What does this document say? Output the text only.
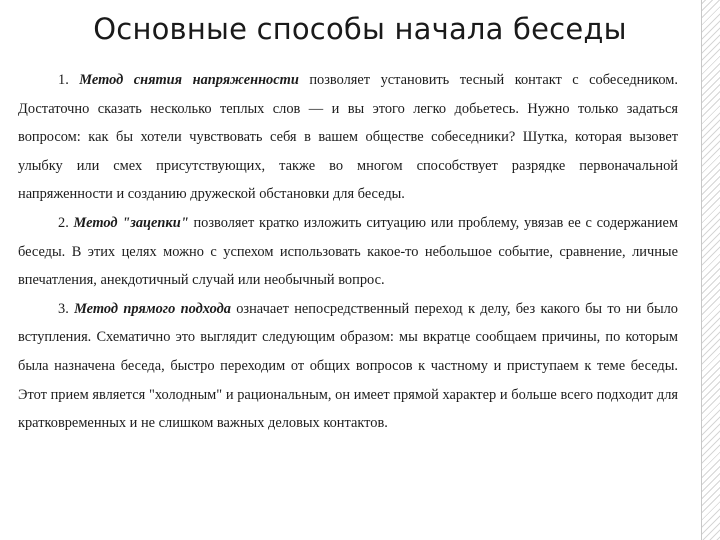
Основные способы начала беседы

1. Метод снятия напряженности позволяет установить тесный контакт с собеседником. Достаточно сказать несколько теплых слов — и вы этого легко добьетесь. Нужно только задаться вопросом: как бы хотели чувствовать себя в вашем обществе собеседники? Шутка, которая вызовет улыбку или смех присутствующих, также во многом способствует разрядке первоначальной напряженности и созданию дружеской обстановки для беседы.

2. Метод "зацепки" позволяет кратко изложить ситуацию или проблему, увязав ее с содержанием беседы. В этих целях можно с успехом использовать какое-то небольшое событие, сравнение, личные впечатления, анекдотичный случай или необычный вопрос.

3. Метод прямого подхода означает непосредственный переход к делу, без какого бы то ни было вступления. Схематично это выглядит следующим образом: мы вкратце сообщаем причины, по которым была назначена беседа, быстро переходим от общих вопросов к частному и приступаем к теме беседы. Этот прием является "холодным" и рациональным, он имеет прямой характер и больше всего подходит для кратковременных и не слишком важных деловых контактов.
